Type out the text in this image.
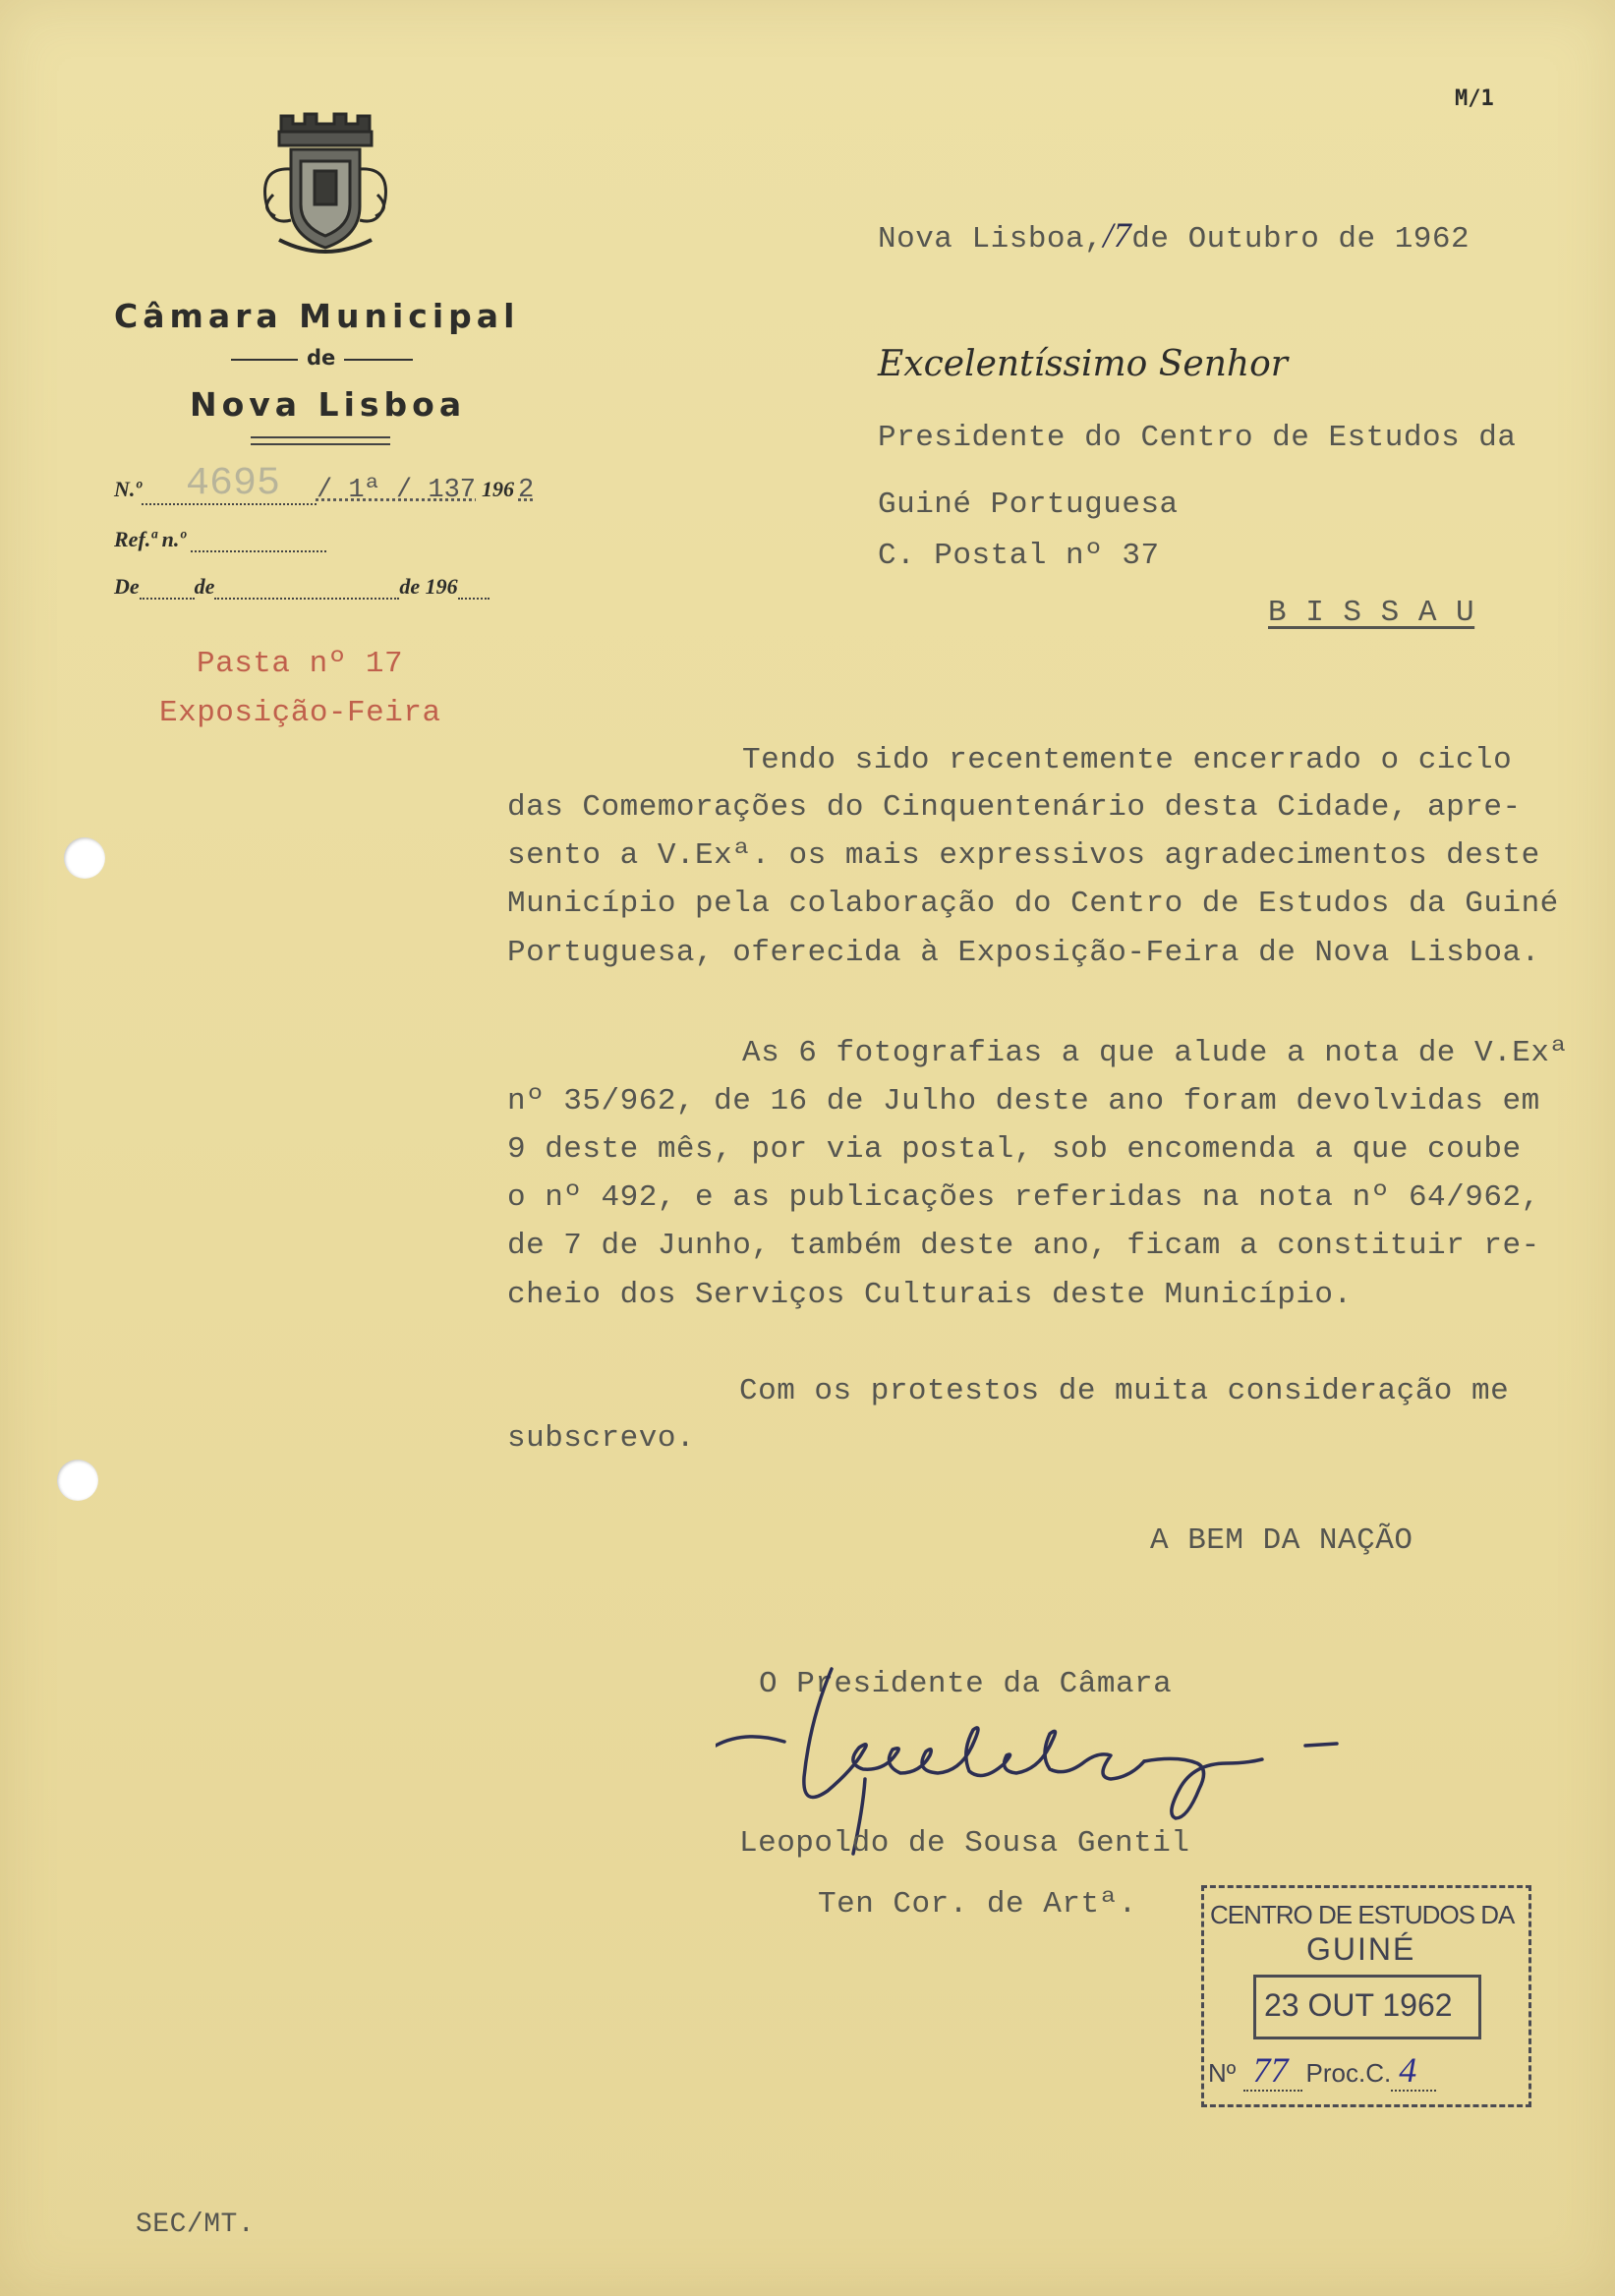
M/1
Câmara Municipal
de
Nova Lisboa
N.º 4695 / 1ª / 137 196 2
Ref.ª n.º
De	de	de 196
Pasta nº 17
Exposição-Feira
Nova Lisboa,/7de Outubro de 1962
Excelentíssimo Senhor
Presidente do Centro de Estudos da
Guiné Portuguesa
C. Postal nº 37
B I S S A U
Tendo sido recentemente encerrado o ciclo
das Comemorações do Cinquentenário desta Cidade, apre-
sento a V.Exª. os mais expressivos agradecimentos deste
Município pela colaboração do Centro de Estudos da Guiné
Portuguesa, oferecida à Exposição-Feira de Nova Lisboa.
As 6 fotografias a que alude a nota de V.Exª
nº 35/962, de 16 de Julho deste ano foram devolvidas em
9 deste mês, por via postal, sob encomenda a que coube
o nº 492, e as publicações referidas na nota nº 64/962,
de 7 de Junho, também deste ano, ficam a constituir re-
cheio dos Serviços Culturais deste Município.
Com os protestos de muita consideração me
subscrevo.
A BEM DA NAÇÃO
O Presidente da Câmara
Leopoldo de Sousa Gentil
Ten Cor. de Artª.	CENTRO DE ESTUDOS DA
GUINÉ
23 OUT 1962
Nº 77 Proc.C. 4
SEC/MT.
